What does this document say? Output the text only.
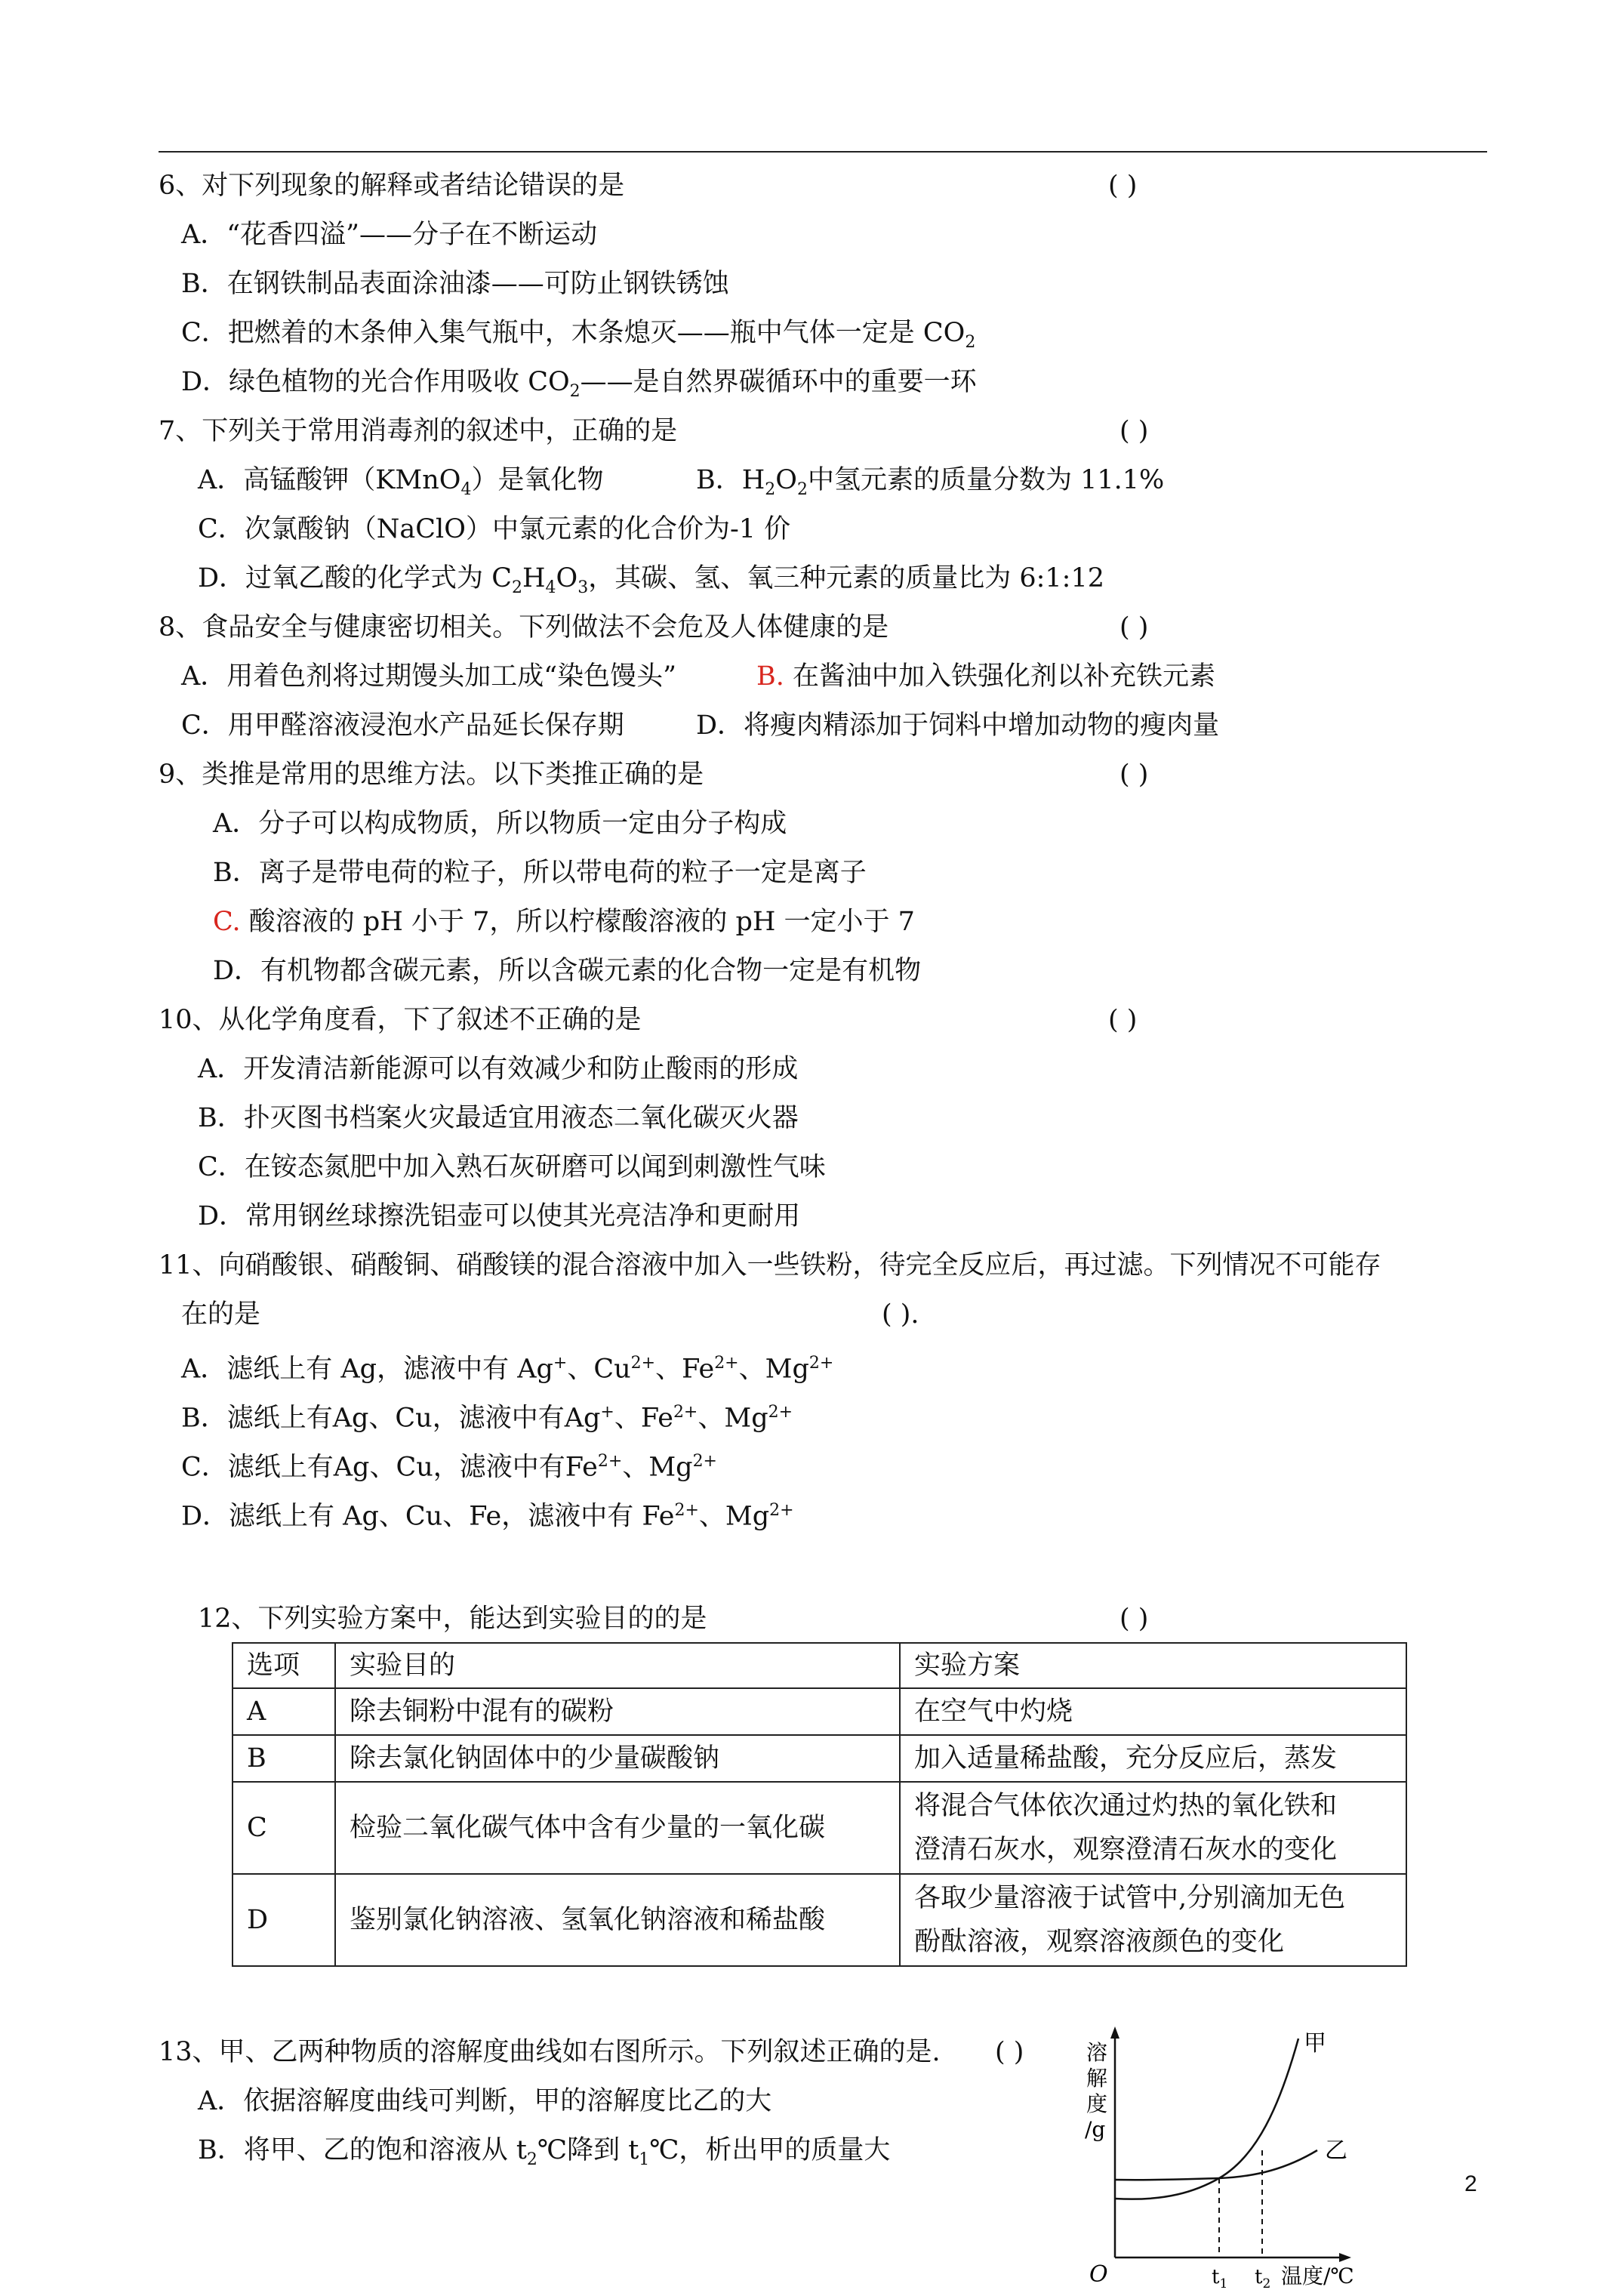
6、对下列现象的解释或者结论错误的是	( )
A．“花香四溢”——分子在不断运动
B．在钢铁制品表面涂油漆——可防止钢铁锈蚀
C．把燃着的木条伸入集气瓶中，木条熄灭——瓶中气体一定是 $CO_2$
D．绿色植物的光合作用吸收 $CO_2——$是自然界碳循环中的重要一环
7、下列关于常用消毒剂的叙述中，正确的是	( )
A．高锰酸钾（KMnO$_4$）是氧化物	B．$H_2O_2$中氢元素的质量分数为 11.1%
C．次氯酸钠（NaClO）中氯元素的化合价为-1 价
D．过氧乙酸的化学式为 $C_2H_4O_3$，其碳、氢、氧三种元素的质量比为 6:1:12
8、食品安全与健康密切相关。下列做法不会危及人体健康的是	( )
A．用着色剂将过期馒头加工成“染色馒头”	B. 在酱油中加入铁强化剂以补充铁元素
C．用甲醛溶液浸泡水产品延长保存期	D．将瘦肉精添加于饲料中增加动物的瘦肉量
9、类推是常用的思维方法。以下类推正确的是	( )
A．分子可以构成物质，所以物质一定由分子构成
B．离子是带电荷的粒子，所以带电荷的粒子一定是离子
C. 酸溶液的 pH 小于 7，所以柠檬酸溶液的 pH 一定小于 7
D．有机物都含碳元素，所以含碳元素的化合物一定是有机物
10、从化学角度看，下了叙述不正确的是	( )
A．开发清洁新能源可以有效减少和防止酸雨的形成
B．扑灭图书档案火灾最适宜用液态二氧化碳灭火器
C．在铵态氮肥中加入熟石灰研磨可以闻到刺激性气味
D．常用钢丝球擦洗铝壶可以使其光亮洁净和更耐用
11、向硝酸银、硝酸铜、硝酸镁的混合溶液中加入一些铁粉，待完全反应后，再过滤。下列情况不可能存
在的是	( ).
A．滤纸上有 Ag，滤液中有 Ag+、$Cu^{2+}$、$Fe^{2+}$、$Mg^{2+}$
B．滤纸上有Ag、Cu，滤液中有Ag+、$Fe^{2+}$、$Mg^{2+}$
C．滤纸上有Ag、Cu，滤液中有$Fe^{2+}$、$Mg^{2+}$
D．滤纸上有 Ag、Cu、Fe，滤液中有 $Fe^{2+}$、$Mg^{2+}$
12、下列实验方案中，能达到实验目的的是	( )
选项	实验目的	实验方案
A	除去铜粉中混有的碳粉	在空气中灼烧

B	除去氯化钠固体中的少量碳酸钠	加入适量稀盐酸，充分反应后，蒸发

C	检验二氧化碳气体中含有少量的一氧化碳	将混合气体依次通过灼热的氧化铁和
澄清石灰水，观察澄清石灰水的变化

D	鉴别氯化钠溶液、氢氧化钠溶液和稀盐酸	各取少量溶液于试管中,分别滴加无色
酚酞溶液，观察溶液颜色的变化
13、甲、乙两种物质的溶解度曲线如右图所示。下列叙述正确的是. ( )
A．依据溶解度曲线可判断，甲的溶解度比乙的大
B．将甲、乙的饱和溶液从 $t_2℃$降到 $t_1℃$，析出甲的质量大
溶
解
度
/g
甲
乙
O	$t_1$ $t_2$ 温度/℃
2
